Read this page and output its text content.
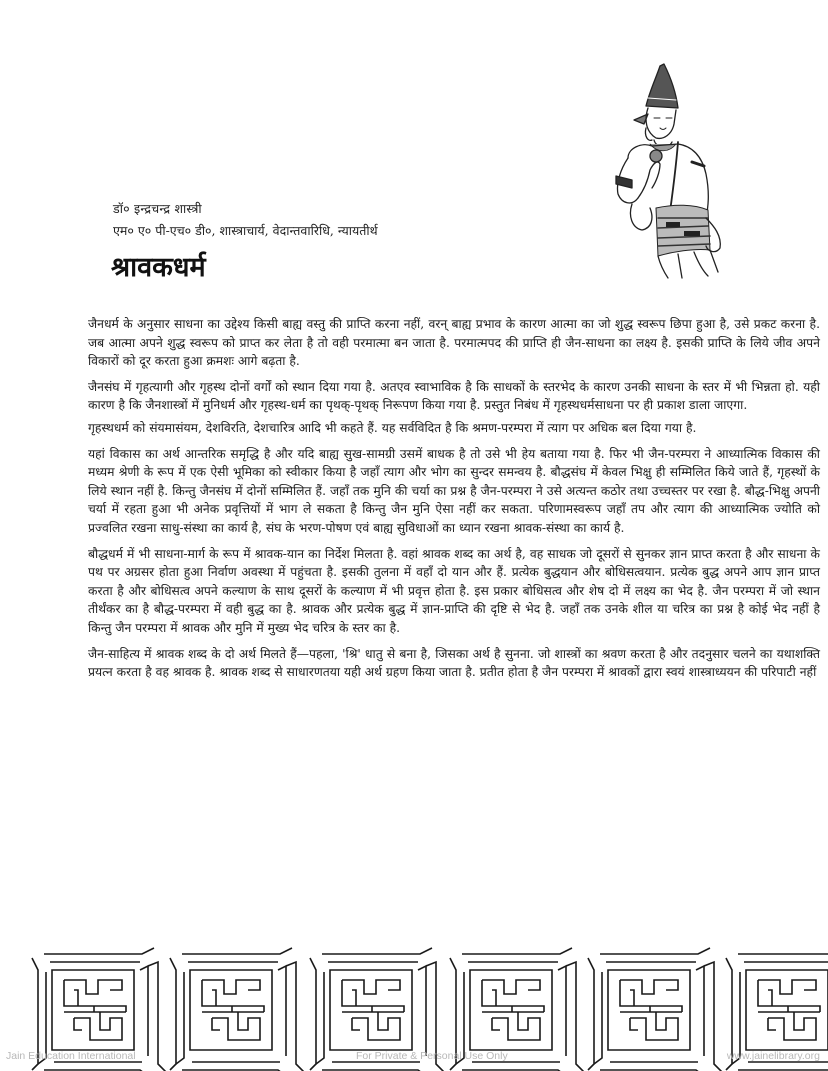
डॉ० इन्द्रचन्द्र शास्त्री
एम० ए० पी-एच० डी०, शास्त्राचार्य, वेदान्तवारिधि, न्यायतीर्थ
श्रावकधर्म

जैनधर्म के अनुसार साधना का उद्देश्य किसी बाह्य वस्तु की प्राप्ति करना नहीं, वरन् बाह्य प्रभाव के कारण आत्मा का जो शुद्ध स्वरूप छिपा हुआ है, उसे प्रकट करना है. जब आत्मा अपने शुद्ध स्वरूप को प्राप्त कर लेता है तो वही परमात्मा बन जाता है. परमात्मपद की प्राप्ति ही जैन-साधना का लक्ष्य है. इसकी प्राप्ति के लिये जीव अपने विकारों को दूर करता हुआ क्रमशः आगे बढ़ता है.

जैनसंघ में गृहत्यागी और गृहस्थ दोनों वर्गों को स्थान दिया गया है. अतएव स्वाभाविक है कि साधकों के स्तरभेद के कारण उनकी साधना के स्तर में भी भिन्नता हो. यही कारण है कि जैनशास्त्रों में मुनिधर्म और गृहस्थ-धर्म का पृथक्-पृथक् निरूपण किया गया है. प्रस्तुत निबंध में गृहस्थधर्मसाधना पर ही प्रकाश डाला जाएगा.

गृहस्थधर्म को संयमासंयम, देशविरति, देशचारित्र आदि भी कहते हैं. यह सर्वविदित है कि श्रमण-परम्परा में त्याग पर अधिक बल दिया गया है.

यहां विकास का अर्थ आन्तरिक समृद्धि है और यदि बाह्य सुख-सामग्री उसमें बाधक है तो उसे भी हेय बताया गया है. फिर भी जैन-परम्परा ने आध्यात्मिक विकास की मध्यम श्रेणी के रूप में एक ऐसी भूमिका को स्वीकार किया है जहाँ त्याग और भोग का सुन्दर समन्वय है. बौद्धसंघ में केवल भिक्षु ही सम्मिलित किये जाते हैं, गृहस्थों के लिये स्थान नहीं है. किन्तु जैनसंघ में दोनों सम्मिलित हैं. जहाँ तक मुनि की चर्या का प्रश्न है जैन-परम्परा ने उसे अत्यन्त कठोर तथा उच्चस्तर पर रखा है. बौद्ध-भिक्षु अपनी चर्या में रहता हुआ भी अनेक प्रवृत्तियों में भाग ले सकता है किन्तु जैन मुनि ऐसा नहीं कर सकता. परिणामस्वरूप जहाँ तप और त्याग की आध्यात्मिक ज्योति को प्रज्वलित रखना साधु-संस्था का कार्य है, संघ के भरण-पोषण एवं बाह्य सुविधाओं का ध्यान रखना श्रावक-संस्था का कार्य है.

बौद्धधर्म में भी साधना-मार्ग के रूप में श्रावक-यान का निर्देश मिलता है. वहां श्रावक शब्द का अर्थ है, वह साधक जो दूसरों से सुनकर ज्ञान प्राप्त करता है और साधना के पथ पर अग्रसर होता हुआ निर्वाण अवस्था में पहुंचता है. इसकी तुलना में वहाँ दो यान और हैं. प्रत्येक बुद्धयान और बोधिसत्वयान. प्रत्येक बुद्ध अपने आप ज्ञान प्राप्त करता है और बोधिसत्व अपने कल्याण के साथ दूसरों के कल्याण में भी प्रवृत्त होता है. इस प्रकार बोधिसत्व और शेष दो में लक्ष्य का भेद है. जैन परम्परा में जो स्थान तीर्थंकर का है बौद्ध-परम्परा में वही बुद्ध का है. श्रावक और प्रत्येक बुद्ध में ज्ञान-प्राप्ति की दृष्टि से भेद है. जहाँ तक उनके शील या चरित्र का प्रश्न है कोई भेद नहीं है किन्तु जैन परम्परा में श्रावक और मुनि में मुख्य भेद चरित्र के स्तर का है.

जैन-साहित्य में श्रावक शब्द के दो अर्थ मिलते हैं—पहला, 'श्रि' धातु से बना है, जिसका अर्थ है सुनना. जो शास्त्रों का श्रवण करता है और तदनुसार चलने का यथाशक्ति प्रयत्न करता है वह श्रावक है. श्रावक शब्द से साधारणतया यही अर्थ ग्रहण किया जाता है. प्रतीत होता है जैन परम्परा में श्रावकों द्वारा स्वयं शास्त्राध्ययन की परिपाटी नहीं

Jain Education International	For Private & Personal Use Only	www.jainelibrary.org
